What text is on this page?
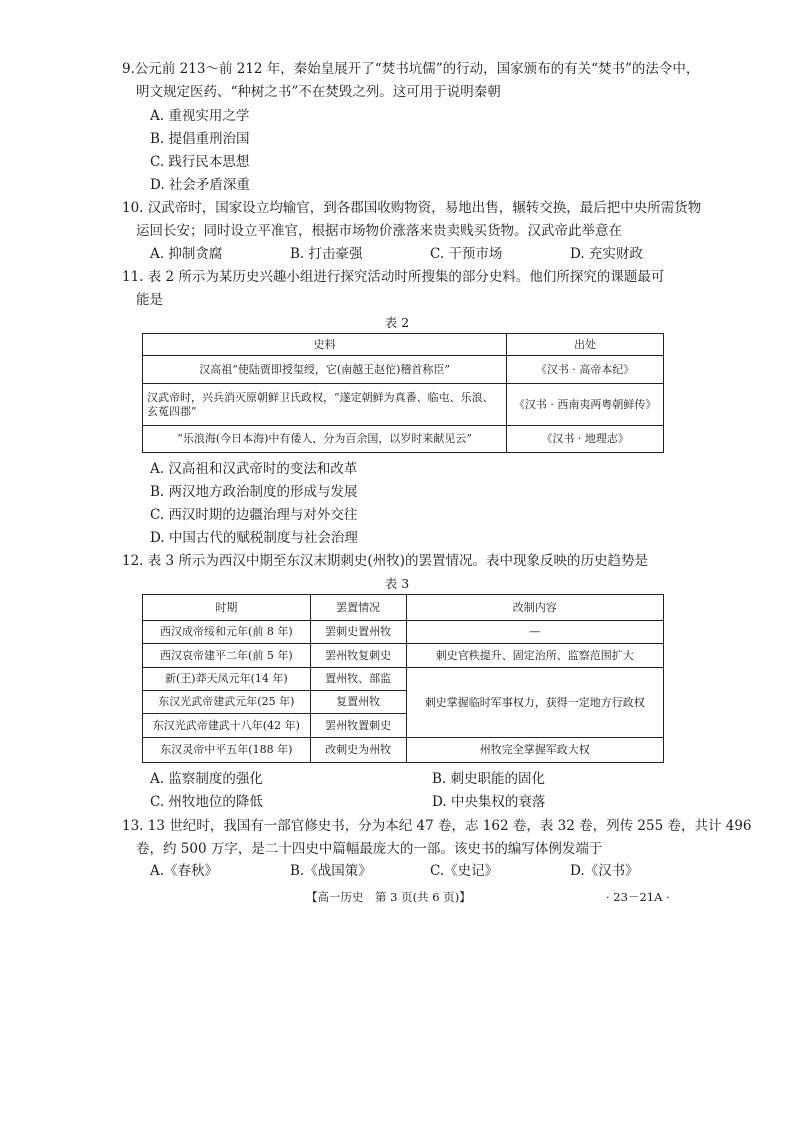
9.公元前 213～前 212 年，秦始皇展开了“焚书坑儒”的行动，国家颁布的有关“焚书”的法令中，
明文规定医药、“种树之书”不在焚毁之列。这可用于说明秦朝
A. 重视实用之学
B. 提倡重刑治国
C. 践行民本思想
D. 社会矛盾深重
10. 汉武帝时，国家设立均输官，到各郡国收购物资，易地出售，辗转交换，最后把中央所需货物
运回长安；同时设立平准官，根据市场物价涨落来贵卖贱买货物。汉武帝此举意在
A. 抑制贪腐	B. 打击豪强	C. 干预市场	D. 充实财政
11. 表 2 所示为某历史兴趣小组进行探究活动时所搜集的部分史料。他们所探究的课题最可
能是
表 2
史料	出处
汉高祖“使陆贾即授玺绶，它(南越王赵佗)稽首称臣”	《汉书 · 高帝本纪》

汉武帝时，兴兵消灭原朝鲜卫氏政权，“遂定朝鲜为真番、临屯、乐浪、
玄菟四郡”	《汉书 · 西南夷两粤朝鲜传》
“乐浪海(今日本海)中有倭人，分为百余国，以岁时来献见云”	《汉书 · 地理志》
A. 汉高祖和汉武帝时的变法和改革
B. 两汉地方政治制度的形成与发展
C. 西汉时期的边疆治理与对外交往
D. 中国古代的赋税制度与社会治理
12. 表 3 所示为西汉中期至东汉末期刺史(州牧)的罢置情况。表中现象反映的历史趋势是
表 3
时期	罢置情况	改制内容
西汉成帝绥和元年(前 8 年)	罢刺史置州牧	—
西汉哀帝建平二年(前 5 年)	罢州牧复刺史	刺史官秩提升、固定治所、监察范围扩大
新(王)莽天凤元年(14 年)	置州牧、部监	刺史掌握临时军事权力，获得一定地方行政权
东汉光武帝建武元年(25 年)	复置州牧	
东汉光武帝建武十八年(42 年)	罢州牧置刺史	
东汉灵帝中平五年(188 年)	改刺史为州牧	州牧完全掌握军政大权
A. 监察制度的强化	B. 刺史职能的固化
C. 州牧地位的降低	D. 中央集权的衰落
13. 13 世纪时，我国有一部官修史书，分为本纪 47 卷，志 162 卷，表 32 卷，列传 255 卷，共计 496
卷，约 500 万字，是二十四史中篇幅最庞大的一部。该史书的编写体例发端于
A.《春秋》	B.《战国策》	C.《史记》	D.《汉书》
【高一历史　第 3 页(共 6 页)】	· 23－21A ·
